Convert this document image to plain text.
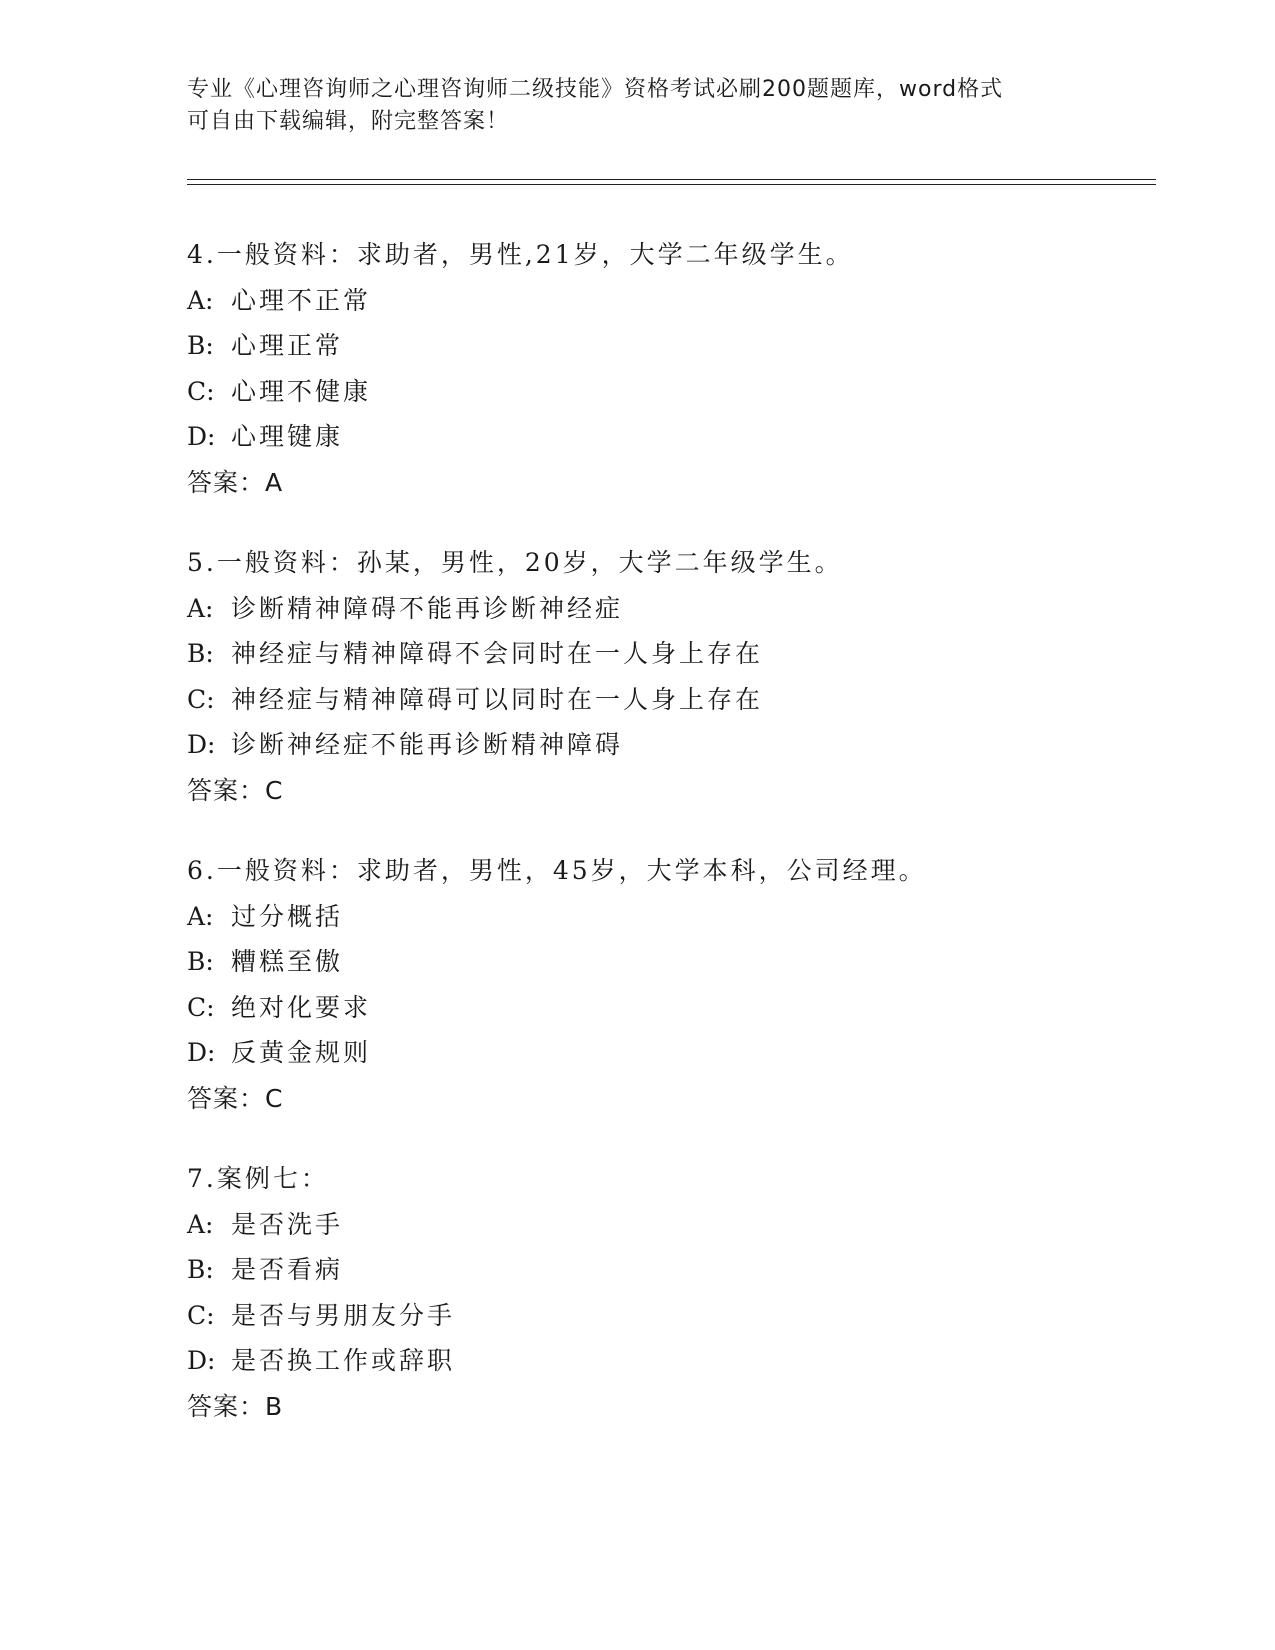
专业《心理咨询师之心理咨询师二级技能》资格考试必刷200题题库，word格式
可自由下载编辑，附完整答案！
4.一般资料：求助者，男性,21岁，大学二年级学生。
A: 心理不正常
B: 心理正常
C: 心理不健康
D: 心理键康
答案：A
5.一般资料：孙某，男性，20岁，大学二年级学生。
A: 诊断精神障碍不能再诊断神经症
B: 神经症与精神障碍不会同时在一人身上存在
C: 神经症与精神障碍可以同时在一人身上存在
D: 诊断神经症不能再诊断精神障碍
答案：C
6.一般资料：求助者，男性，45岁，大学本科，公司经理。
A: 过分概括
B: 糟糕至傲
C: 绝对化要求
D: 反黄金规则
答案：C
7.案例七：
A: 是否洗手
B: 是否看病
C: 是否与男朋友分手
D: 是否换工作或辞职
答案：B
